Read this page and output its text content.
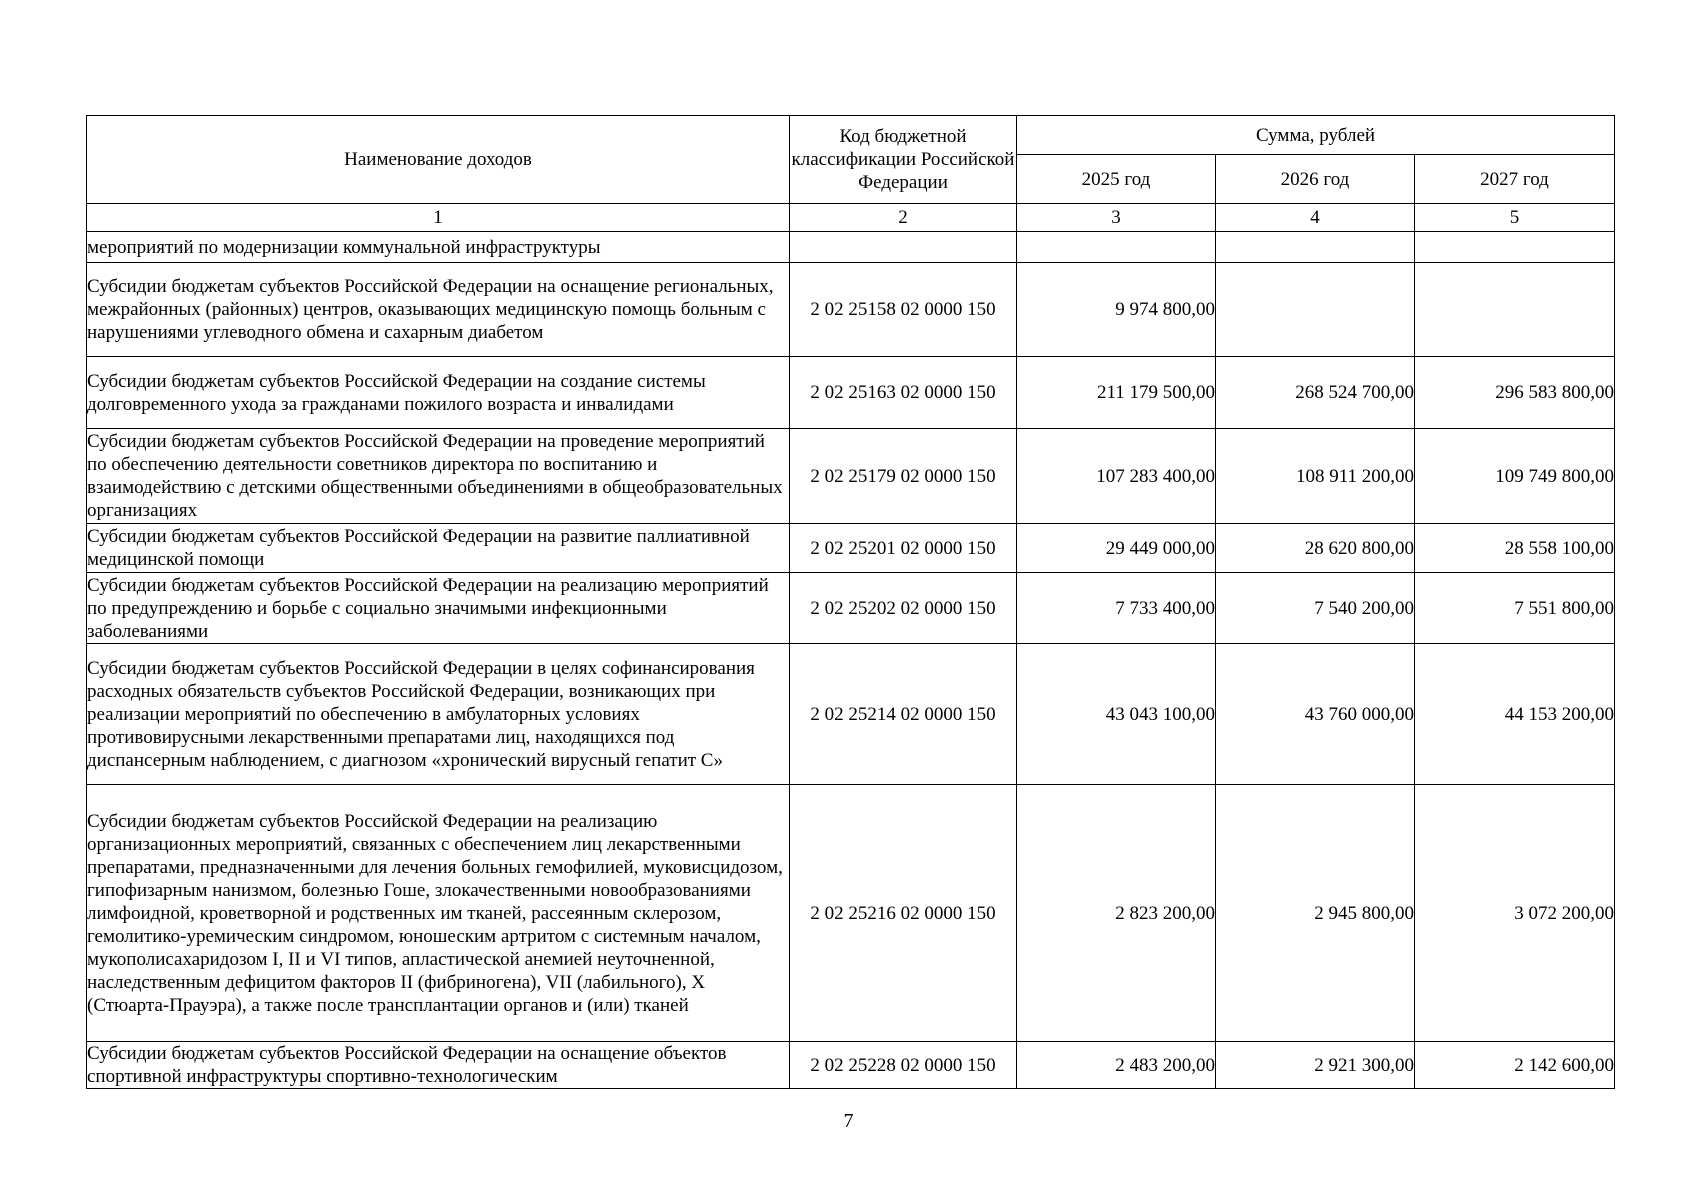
Наименование доходов	Код бюджетной классификации Российской Федерации	Сумма, рублей		
		2025 год	2026 год	2027 год
1	2	3	4	5
мероприятий по модернизации коммунальной инфраструктуры				
Субсидии бюджетам субъектов Российской Федерации на оснащение региональных, межрайонных (районных) центров, оказывающих медицинскую помощь больным с нарушениями углеводного обмена и сахарным диабетом	2 02 25158 02 0000 150	9 974 800,00		
Субсидии бюджетам субъектов Российской Федерации на создание системы долговременного ухода за гражданами пожилого возраста и инвалидами	2 02 25163 02 0000 150	211 179 500,00	268 524 700,00	296 583 800,00
Субсидии бюджетам субъектов Российской Федерации на проведение мероприятий по обеспечению деятельности советников директора по воспитанию и взаимодействию с детскими общественными объединениями в общеобразовательных организациях	2 02 25179 02 0000 150	107 283 400,00	108 911 200,00	109 749 800,00
Субсидии бюджетам субъектов Российской Федерации на развитие паллиативной медицинской помощи	2 02 25201 02 0000 150	29 449 000,00	28 620 800,00	28 558 100,00
Субсидии бюджетам субъектов Российской Федерации на реализацию мероприятий по предупреждению и борьбе с социально значимыми инфекционными заболеваниями	2 02 25202 02 0000 150	7 733 400,00	7 540 200,00	7 551 800,00
Субсидии бюджетам субъектов Российской Федерации в целях софинансирования расходных обязательств субъектов Российской Федерации, возникающих при реализации мероприятий по обеспечению в амбулаторных условиях противовирусными лекарственными препаратами лиц, находящихся под диспансерным наблюдением, с диагнозом «хронический вирусный гепатит С»	2 02 25214 02 0000 150	43 043 100,00	43 760 000,00	44 153 200,00
Субсидии бюджетам субъектов Российской Федерации на реализацию организационных мероприятий, связанных с обеспечением лиц лекарственными препаратами, предназначенными для лечения больных гемофилией, муковисцидозом, гипофизарным нанизмом, болезнью Гоше, злокачественными новообразованиями лимфоидной, кроветворной и родственных им тканей, рассеянным склерозом, гемолитико-уремическим синдромом, юношеским артритом с системным началом, мукополисахаридозом I, II и VI типов, апластической анемией неуточненной, наследственным дефицитом факторов II (фибриногена), VII (лабильного), X (Стюарта-Прауэра), а также после трансплантации органов и (или) тканей	2 02 25216 02 0000 150	2 823 200,00	2 945 800,00	3 072 200,00
Субсидии бюджетам субъектов Российской Федерации на оснащение объектов спортивной инфраструктуры спортивно-технологическим	2 02 25228 02 0000 150	2 483 200,00	2 921 300,00	2 142 600,00
7
